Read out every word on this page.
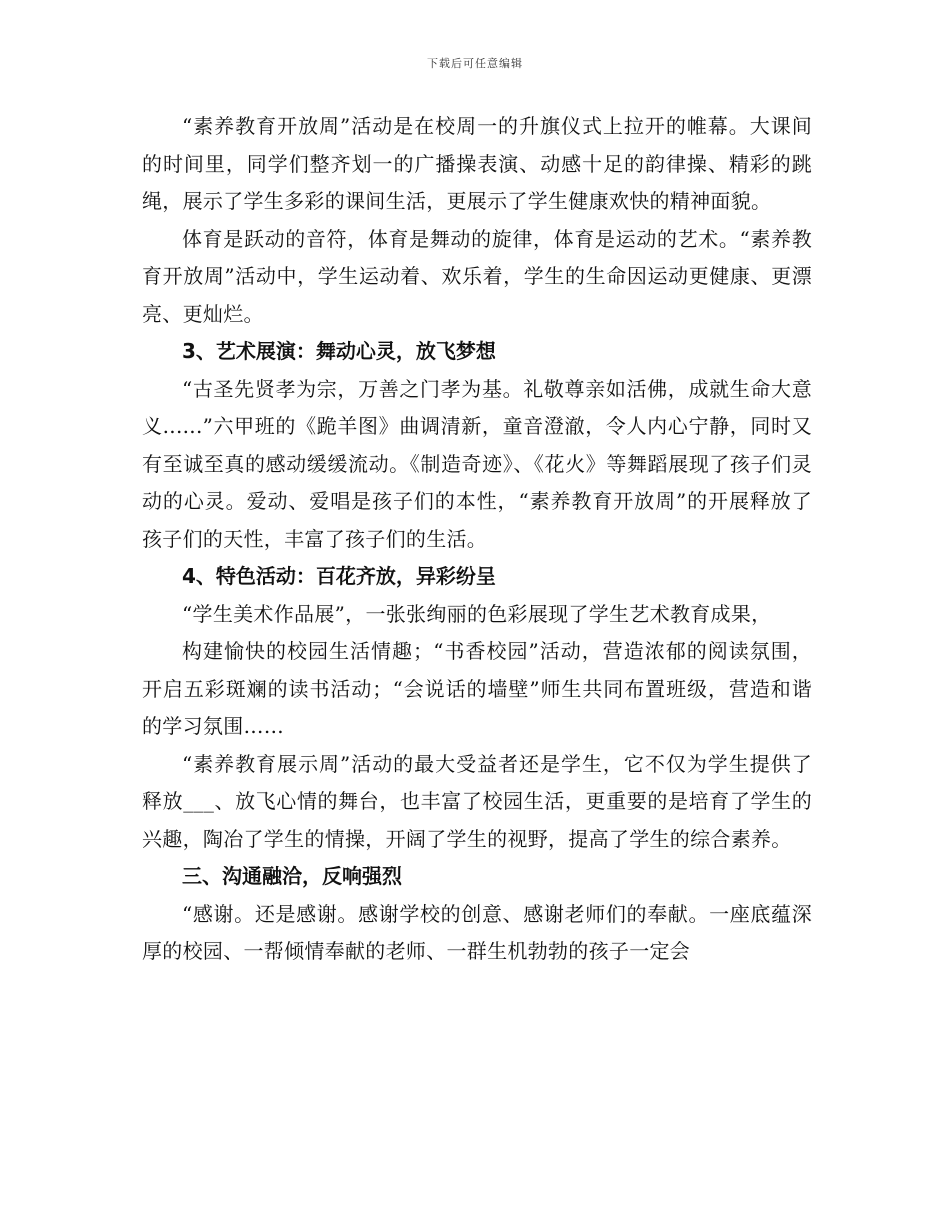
下载后可任意编辑

“素养教育开放周”活动是在校周一的升旗仪式上拉开的帷幕。大课间的时间里，同学们整齐划一的广播操表演、动感十足的韵律操、精彩的跳绳，展示了学生多彩的课间生活，更展示了学生健康欢快的精神面貌。

体育是跃动的音符，体育是舞动的旋律，体育是运动的艺术。“素养教育开放周”活动中，学生运动着、欢乐着，学生的生命因运动更健康、更漂亮、更灿烂。

3、艺术展演：舞动心灵，放飞梦想

“古圣先贤孝为宗，万善之门孝为基。礼敬尊亲如活佛，成就生命大意义......”六甲班的《跪羊图》曲调清新，童音澄澈，令人内心宁静，同时又有至诚至真的感动缓缓流动。《制造奇迹》、《花火》等舞蹈展现了孩子们灵动的心灵。爱动、爱唱是孩子们的本性，“素养教育开放周”的开展释放了孩子们的天性，丰富了孩子们的生活。

4、特色活动：百花齐放，异彩纷呈

“学生美术作品展”，一张张绚丽的色彩展现了学生艺术教育成果，

构建愉快的校园生活情趣；“书香校园”活动，营造浓郁的阅读氛围，开启五彩斑斓的读书活动；“会说话的墙壁”师生共同布置班级，营造和谐的学习氛围……

“素养教育展示周”活动的最大受益者还是学生，它不仅为学生提供了释放___、放飞心情的舞台，也丰富了校园生活，更重要的是培育了学生的兴趣，陶冶了学生的情操，开阔了学生的视野，提高了学生的综合素养。

三、沟通融洽，反响强烈

“感谢。还是感谢。感谢学校的创意、感谢老师们的奉献。一座底蕴深厚的校园、一帮倾情奉献的老师、一群生机勃勃的孩子一定会
